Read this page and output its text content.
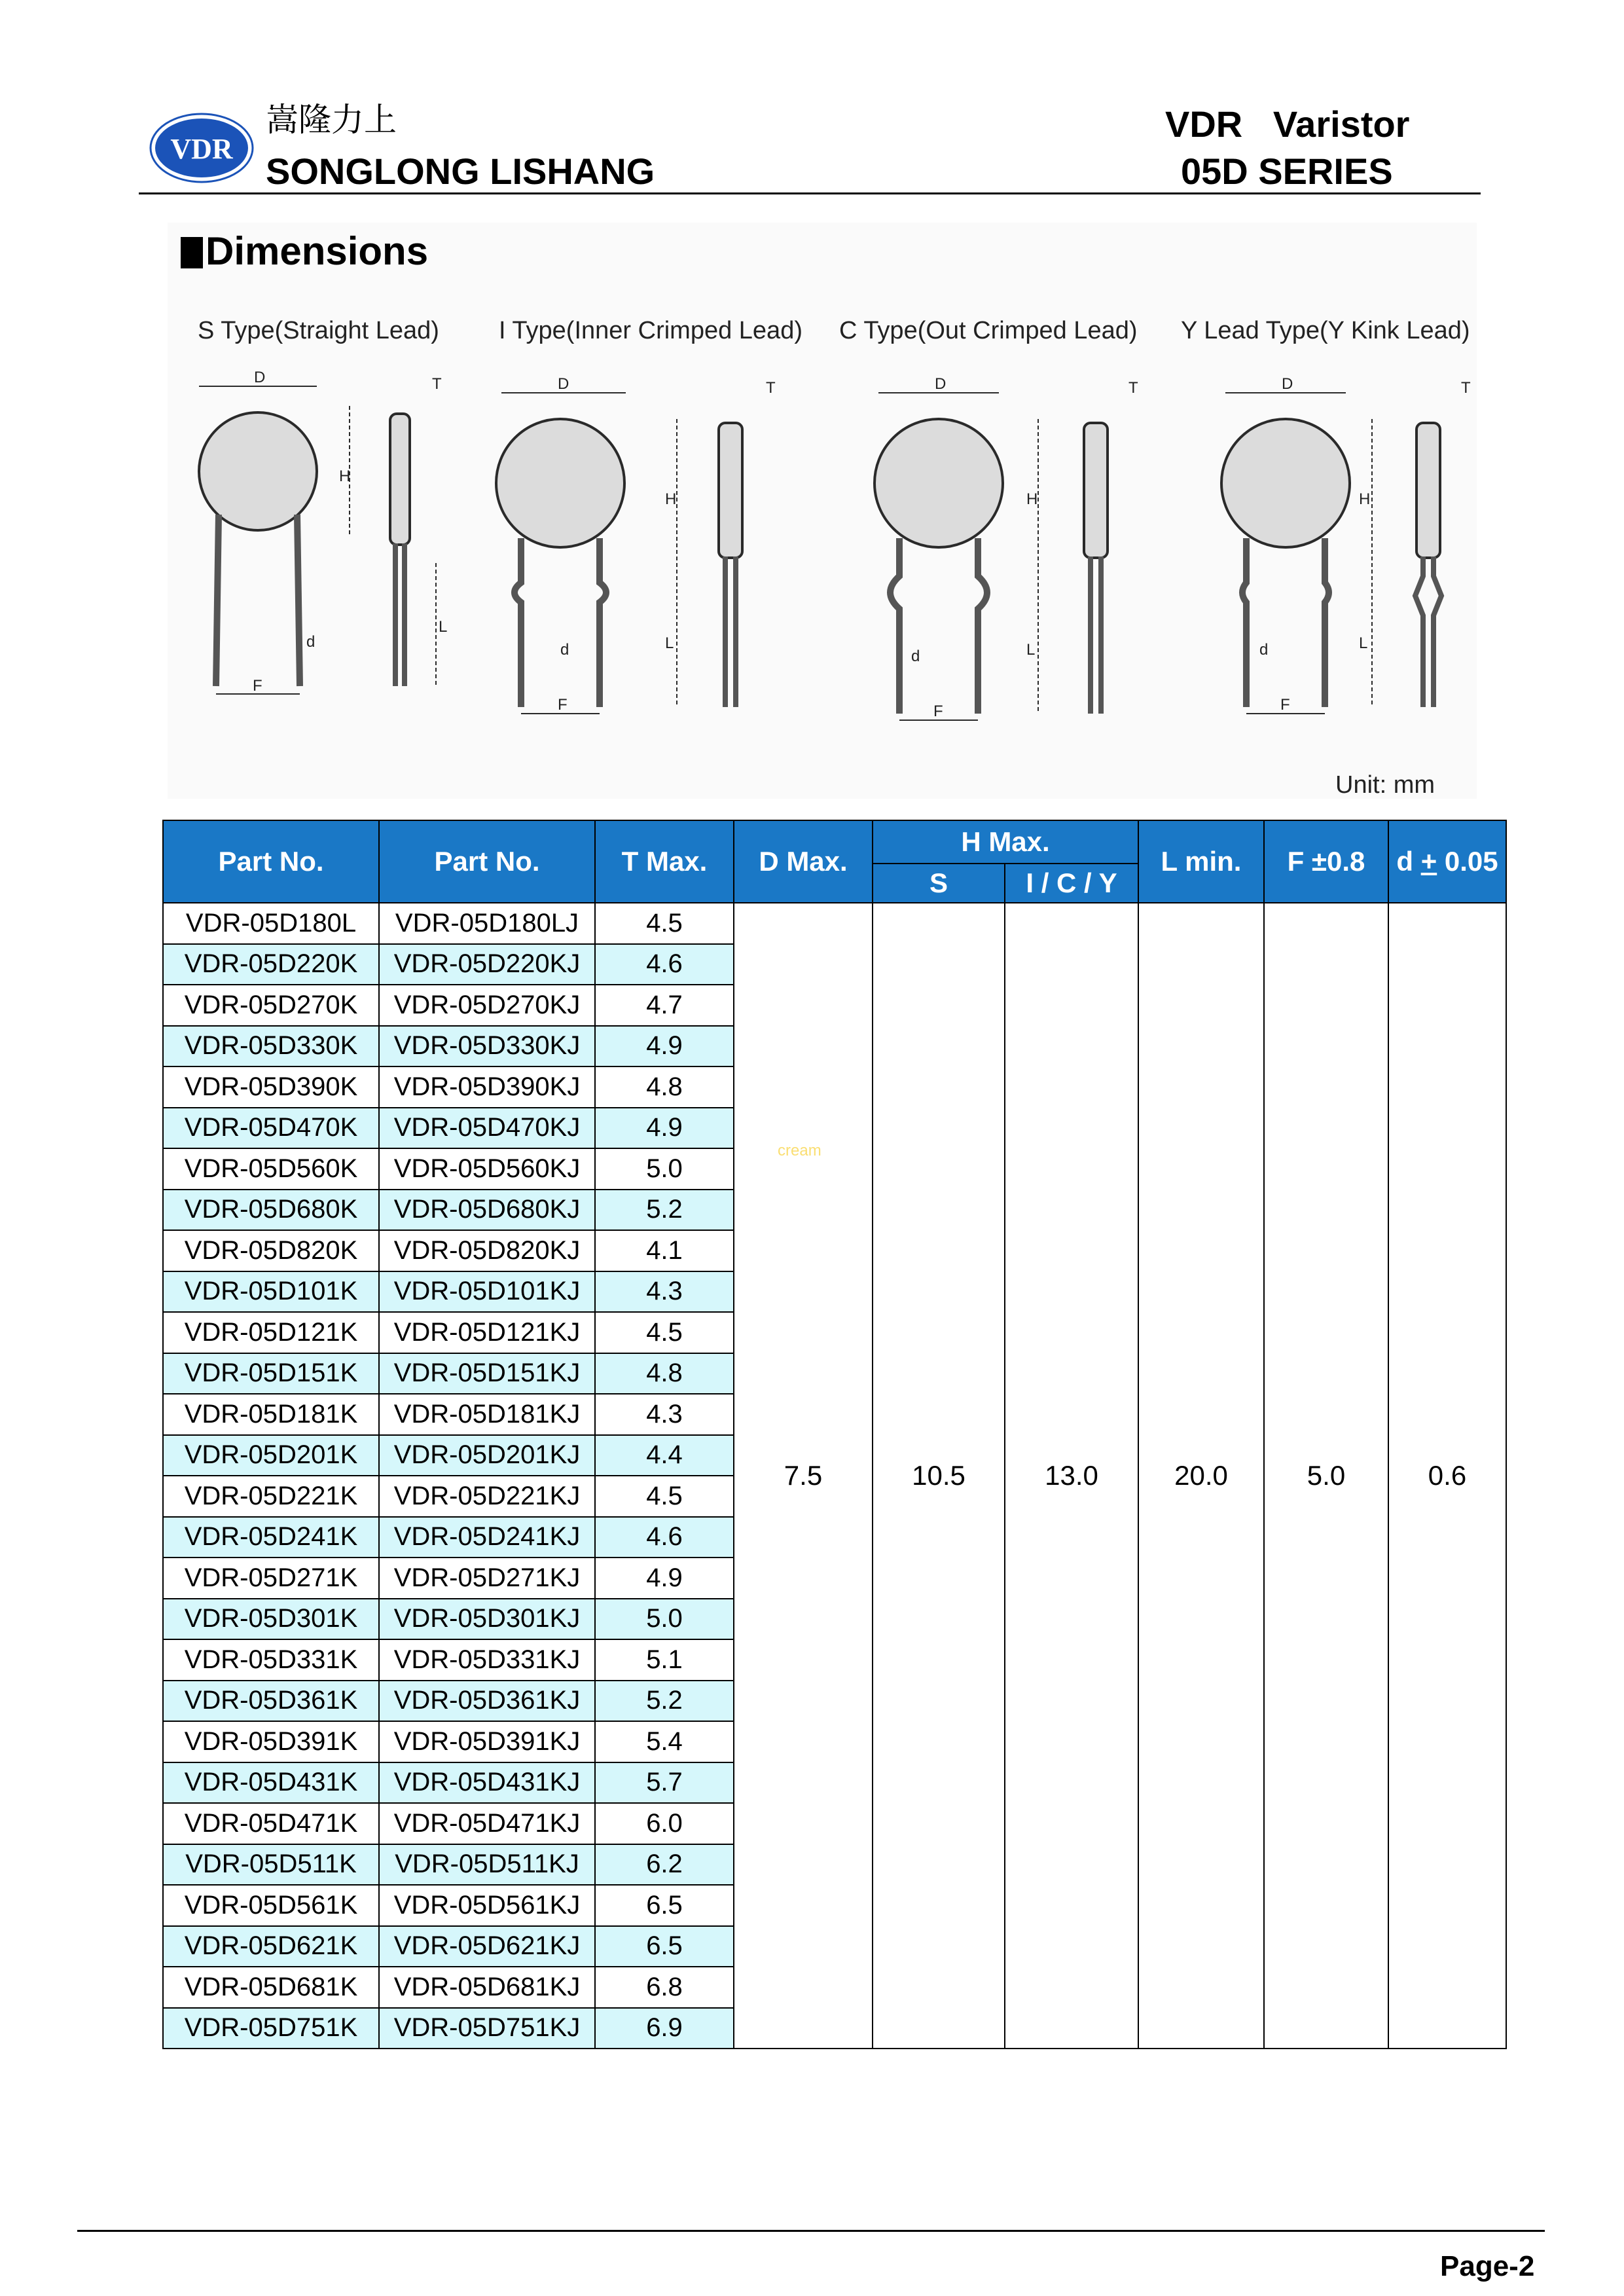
VDR
嵩隆力上
SONGLONG LISHANG
VDR   Varistor
05D SERIES
Dimensions
S Type(Straight Lead) I Type(Inner Crimped Lead) C Type(Out Crimped Lead) Y Lead Type(Y Kink Lead)
D
H
L
T
d
F
D
H
L
T
d
F
D
H
L
T
d
F
D
H
L
T
d
F
Unit: mm
Part No.	Part No.	T Max.	D Max.	H Max.		L min.	F ±0.8	d + 0.05
				S	I / C / Y			
VDR-05D180L	VDR-05D180LJ	4.5	7.5	10.5	13.0	20.0	5.0	0.6
VDR-05D220K	VDR-05D220KJ	4.6						
VDR-05D270K	VDR-05D270KJ	4.7						
VDR-05D330K	VDR-05D330KJ	4.9						
VDR-05D390K	VDR-05D390KJ	4.8						
VDR-05D470K	VDR-05D470KJ	4.9						
VDR-05D560K	VDR-05D560KJ	5.0						
VDR-05D680K	VDR-05D680KJ	5.2						
VDR-05D820K	VDR-05D820KJ	4.1						
VDR-05D101K	VDR-05D101KJ	4.3						
VDR-05D121K	VDR-05D121KJ	4.5						
VDR-05D151K	VDR-05D151KJ	4.8						
VDR-05D181K	VDR-05D181KJ	4.3						
VDR-05D201K	VDR-05D201KJ	4.4						
VDR-05D221K	VDR-05D221KJ	4.5						
VDR-05D241K	VDR-05D241KJ	4.6						
VDR-05D271K	VDR-05D271KJ	4.9						
VDR-05D301K	VDR-05D301KJ	5.0						
VDR-05D331K	VDR-05D331KJ	5.1						
VDR-05D361K	VDR-05D361KJ	5.2						
VDR-05D391K	VDR-05D391KJ	5.4						
VDR-05D431K	VDR-05D431KJ	5.7						
VDR-05D471K	VDR-05D471KJ	6.0						
VDR-05D511K	VDR-05D511KJ	6.2						
VDR-05D561K	VDR-05D561KJ	6.5						
VDR-05D621K	VDR-05D621KJ	6.5						
VDR-05D681K	VDR-05D681KJ	6.8						
VDR-05D751K	VDR-05D751KJ	6.9						
cream
Page-2
